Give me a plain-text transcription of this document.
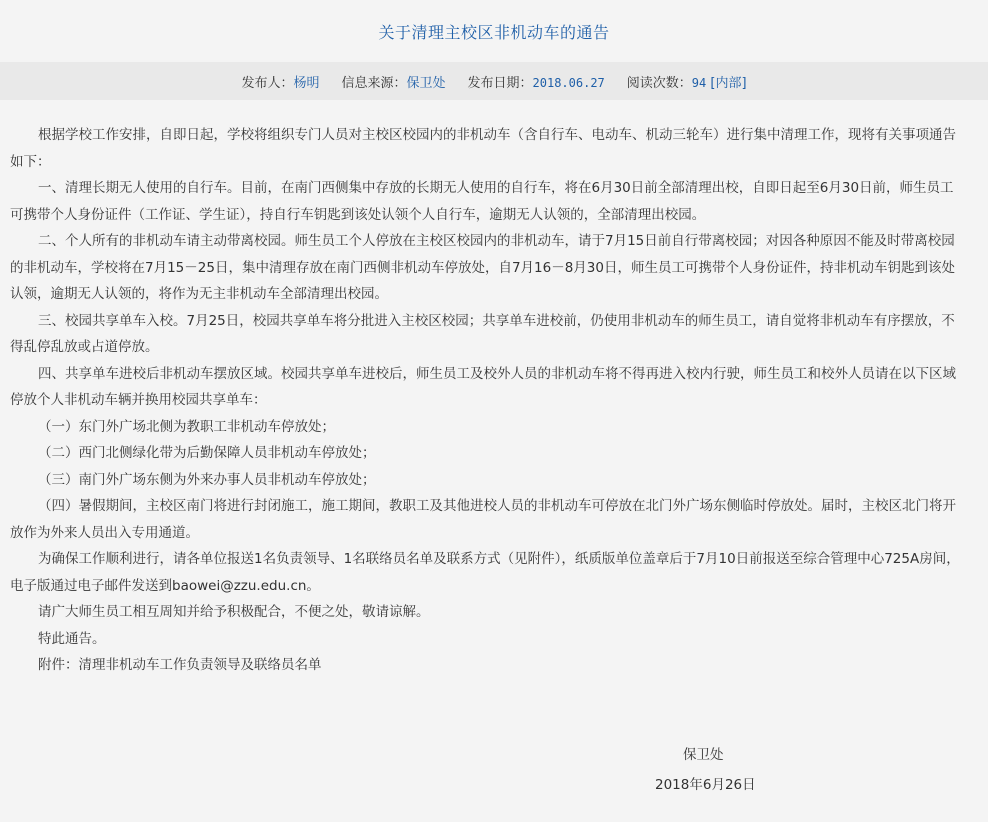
关于清理主校区非机动车的通告
发布人：杨明 信息来源：保卫处 发布日期：2018.06.27 阅读次数：94 [内部]

根据学校工作安排，自即日起，学校将组织专门人员对主校区校园内的非机动车（含自行车、电动车、机动三轮车）进行集中清理工作，现将有关事项通告如下：

一、清理长期无人使用的自行车。目前，在南门西侧集中存放的长期无人使用的自行车，将在6月30日前全部清理出校，自即日起至6月30日前，师生员工可携带个人身份证件（工作证、学生证），持自行车钥匙到该处认领个人自行车，逾期无人认领的，全部清理出校园。

二、个人所有的非机动车请主动带离校园。师生员工个人停放在主校区校园内的非机动车，请于7月15日前自行带离校园；对因各种原因不能及时带离校园的非机动车，学校将在7月15－25日，集中清理存放在南门西侧非机动车停放处，自7月16－8月30日，师生员工可携带个人身份证件，持非机动车钥匙到该处认领，逾期无人认领的，将作为无主非机动车全部清理出校园。

三、校园共享单车入校。7月25日，校园共享单车将分批进入主校区校园；共享单车进校前，仍使用非机动车的师生员工，请自觉将非机动车有序摆放，不得乱停乱放或占道停放。

四、共享单车进校后非机动车摆放区域。校园共享单车进校后，师生员工及校外人员的非机动车将不得再进入校内行驶，师生员工和校外人员请在以下区域停放个人非机动车辆并换用校园共享单车：

（一）东门外广场北侧为教职工非机动车停放处；

（二）西门北侧绿化带为后勤保障人员非机动车停放处；

（三）南门外广场东侧为外来办事人员非机动车停放处；

（四）暑假期间，主校区南门将进行封闭施工，施工期间，教职工及其他进校人员的非机动车可停放在北门外广场东侧临时停放处。届时，主校区北门将开放作为外来人员出入专用通道。

为确保工作顺利进行，请各单位报送1名负责领导、1名联络员名单及联系方式（见附件），纸质版单位盖章后于7月10日前报送至综合管理中心725A房间，电子版通过电子邮件发送到baowei@zzu.edu.cn。

请广大师生员工相互周知并给予积极配合，不便之处，敬请谅解。

特此通告。

附件：清理非机动车工作负责领导及联络员名单

保卫处
2018年6月26日
